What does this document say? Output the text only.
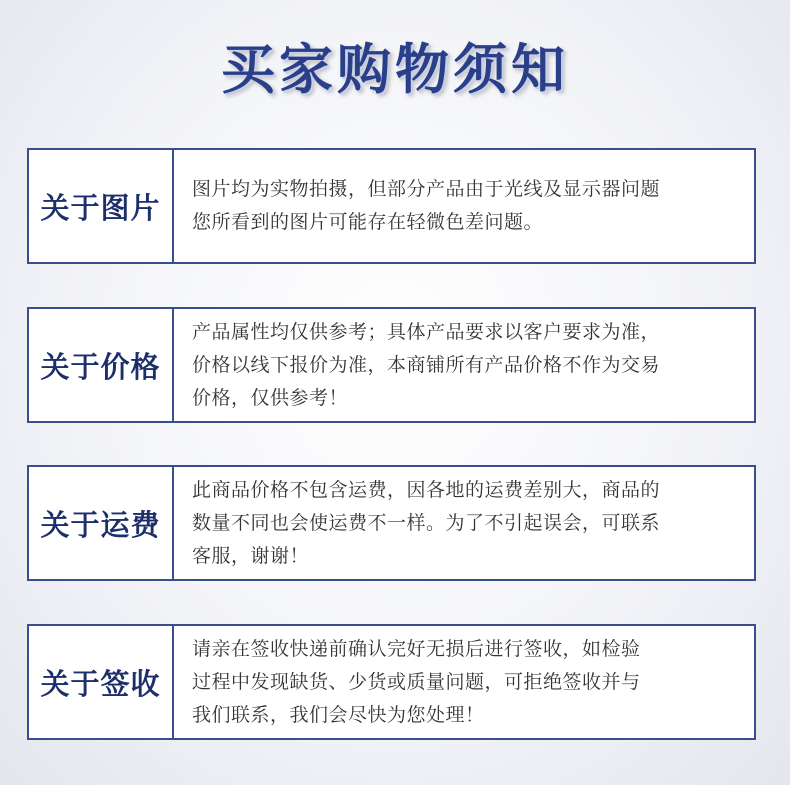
买家购物须知
关于图片
图片均为实物拍摄，但部分产品由于光线及显示器问题
您所看到的图片可能存在轻微色差问题。
关于价格
产品属性均仅供参考；具体产品要求以客户要求为准，
价格以线下报价为准，本商铺所有产品价格不作为交易
价格，仅供参考！
关于运费
此商品价格不包含运费，因各地的运费差别大，商品的
数量不同也会使运费不一样。为了不引起误会，可联系
客服，谢谢！
关于签收
请亲在签收快递前确认完好无损后进行签收，如检验
过程中发现缺货、少货或质量问题，可拒绝签收并与
我们联系，我们会尽快为您处理！
